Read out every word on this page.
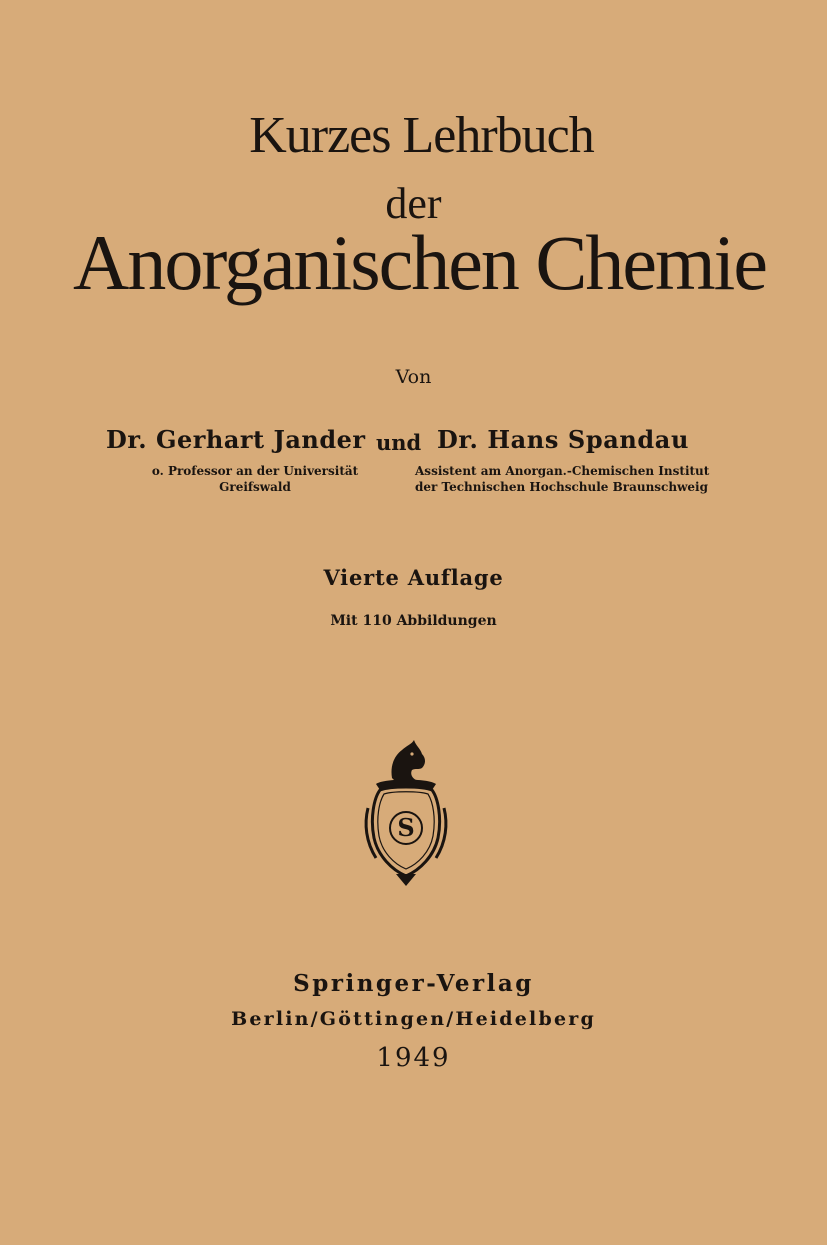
Kurzes Lehrbuch
der
Anorganischen Chemie
Von
Dr. Gerhart Jander und Dr. Hans Spandau
o. Professor an der Universität
Greifswald
Assistent am Anorgan.-Chemischen Institut
der Technischen Hochschule Braunschweig
Vierte Auflage
Mit 110 Abbildungen
S
Springer-Verlag
Berlin/Göttingen/Heidelberg
1949
